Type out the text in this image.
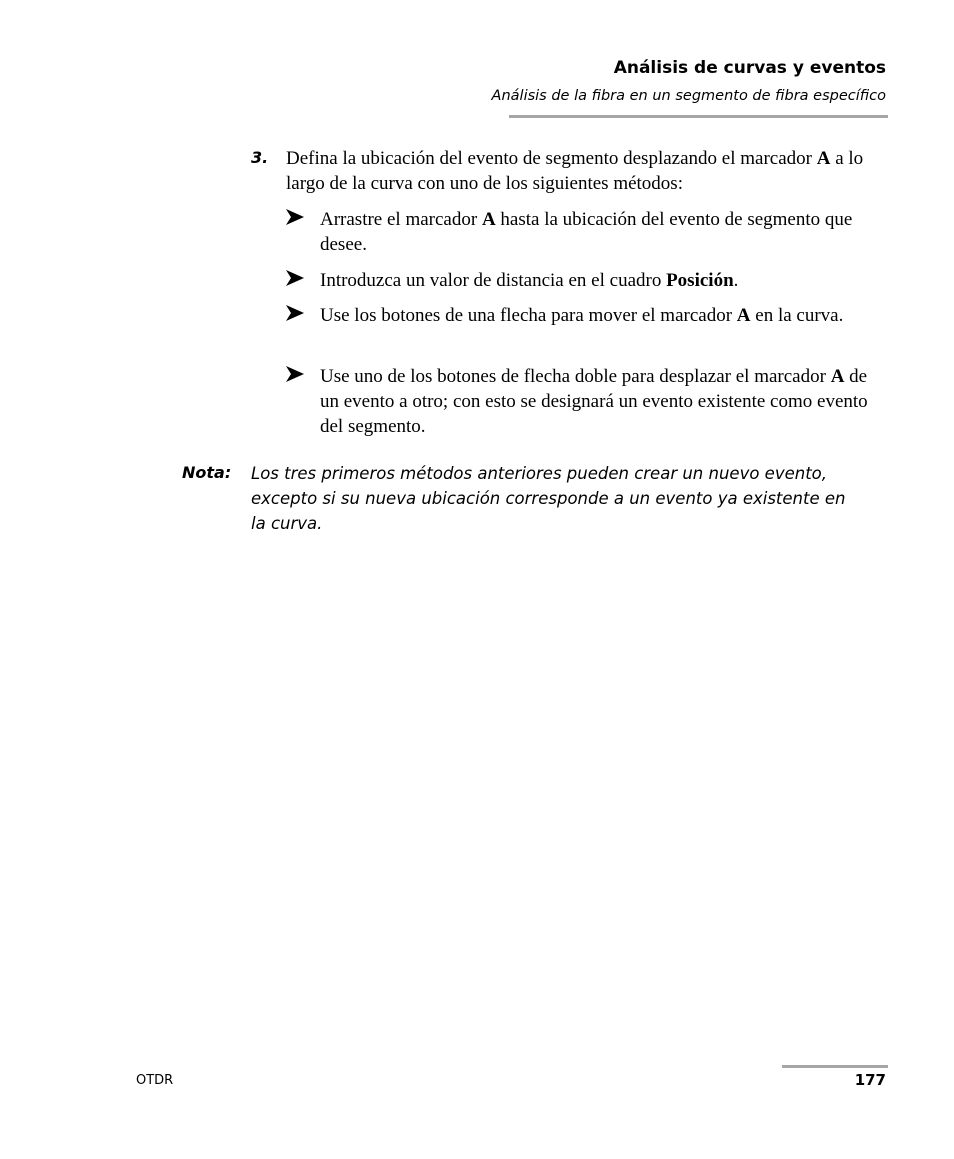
Análisis de curvas y eventos
Análisis de la fibra en un segmento de fibra específico
3. Defina la ubicación del evento de segmento desplazando el marcador A a lo largo de la curva con uno de los siguientes métodos:
Arrastre el marcador A hasta la ubicación del evento de segmento que desee.
Introduzca un valor de distancia en el cuadro Posición.
Use los botones de una flecha para mover el marcador A en la curva.
Use uno de los botones de flecha doble para desplazar el marcador A de un evento a otro; con esto se designará un evento existente como evento del segmento.
Nota: Los tres primeros métodos anteriores pueden crear un nuevo evento, excepto si su nueva ubicación corresponde a un evento ya existente en la curva.
OTDR	177
